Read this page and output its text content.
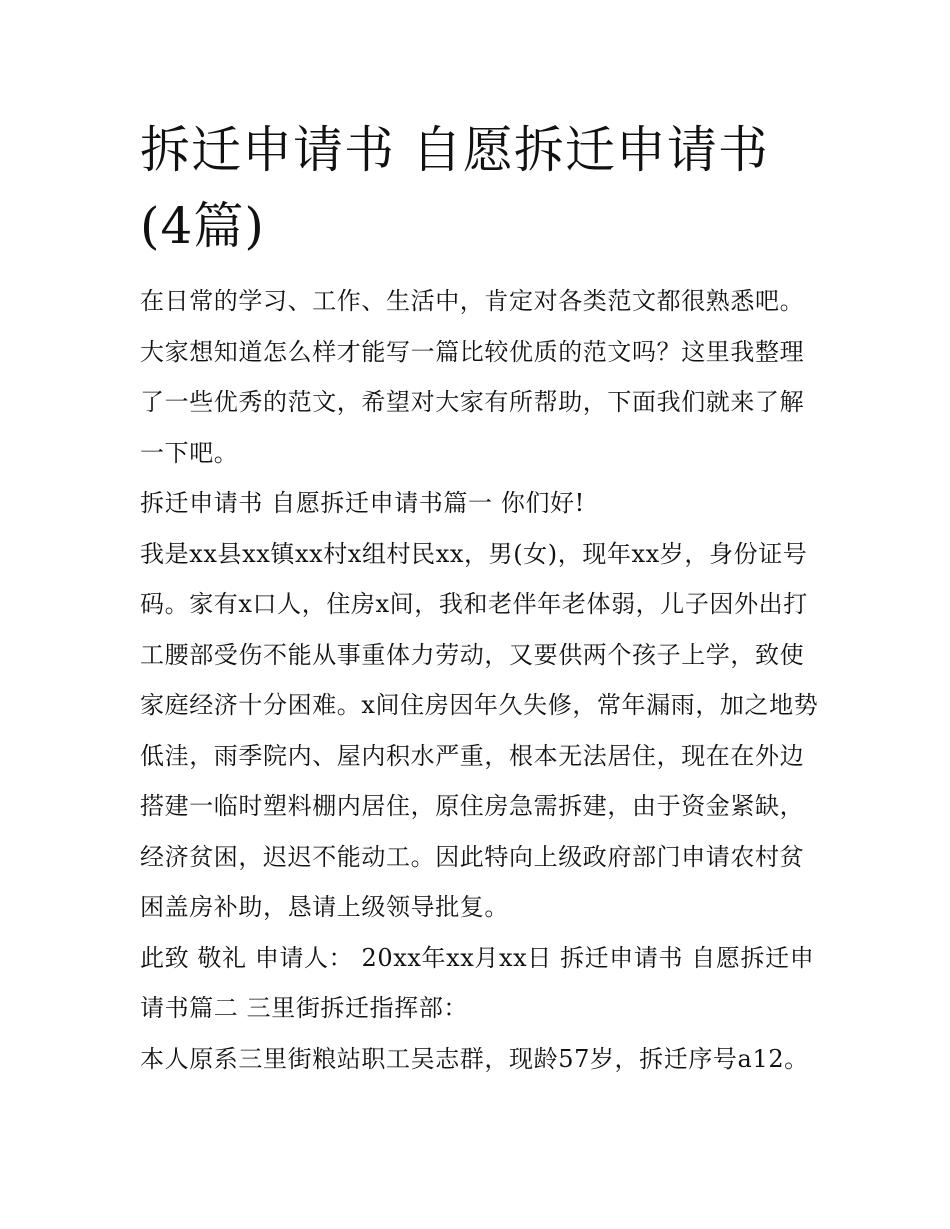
拆迁申请书 自愿拆迁申请书(4篇)

在日常的学习、工作、生活中，肯定对各类范文都很熟悉吧。大家想知道怎么样才能写一篇比较优质的范文吗？这里我整理了一些优秀的范文，希望对大家有所帮助，下面我们就来了解一下吧。

拆迁申请书 自愿拆迁申请书篇一 你们好!

我是xx县xx镇xx村x组村民xx，男(女)，现年xx岁，身份证号码。家有x口人，住房x间，我和老伴年老体弱，儿子因外出打工腰部受伤不能从事重体力劳动，又要供两个孩子上学，致使家庭经济十分困难。x间住房因年久失修，常年漏雨，加之地势低洼，雨季院内、屋内积水严重，根本无法居住，现在在外边搭建一临时塑料棚内居住，原住房急需拆建，由于资金紧缺，经济贫困，迟迟不能动工。因此特向上级政府部门申请农村贫困盖房补助，恳请上级领导批复。

此致 敬礼 申请人： 20xx年xx月xx日 拆迁申请书 自愿拆迁申请书篇二 三里街拆迁指挥部：

本人原系三里街粮站职工吴志群，现龄57岁，拆迁序号a12。
